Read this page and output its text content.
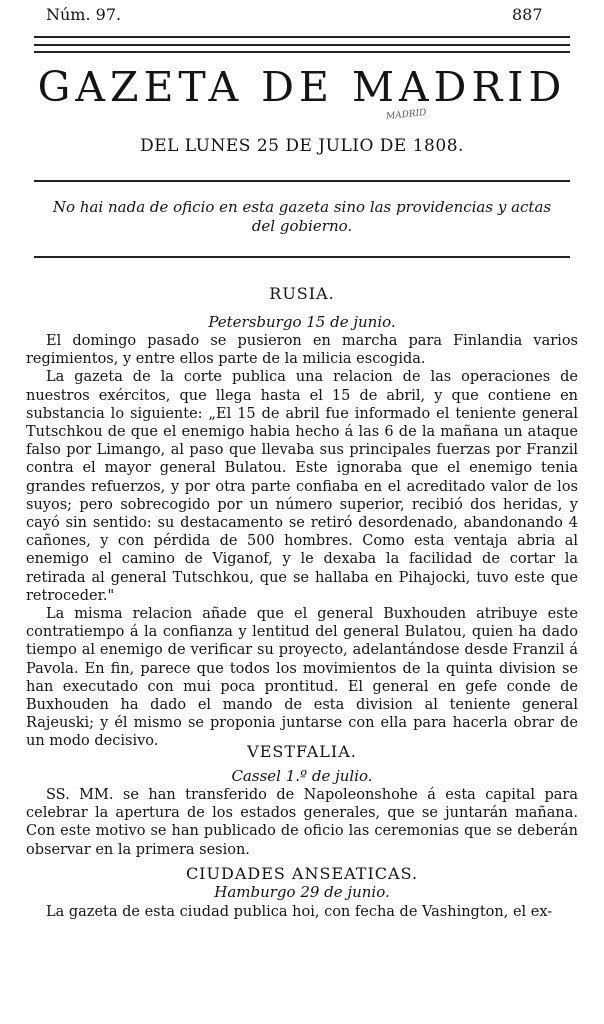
Núm. 97.	887
GAZETA DE MADRID
MADRID
DEL LUNES 25 DE JULIO DE 1808.
No hai nada de oficio en esta gazeta sino las providencias y actas del gobierno.
RUSIA.
Petersburgo 15 de junio.

El domingo pasado se pusieron en marcha para Finlandia varios regimientos, y entre ellos parte de la milicia escogida.

La gazeta de la corte publica una relacion de las operaciones de nuestros exércitos, que llega hasta el 15 de abril, y que contiene en substancia lo siguiente: „El 15 de abril fue informado el teniente general Tutschkou de que el enemigo habia hecho á las 6 de la mañana un ataque falso por Limango, al paso que llevaba sus principales fuerzas por Franzil contra el mayor general Bulatou. Este ignoraba que el enemigo tenia grandes refuerzos, y por otra parte confiaba en el acreditado valor de los suyos; pero sobrecogido por un número superior, recibió dos heridas, y cayó sin sentido: su destacamento se retiró desordenado, abandonando 4 cañones, y con pérdida de 500 hombres. Como esta ventaja abria al enemigo el camino de Viganof, y le dexaba la facilidad de cortar la retirada al general Tutschkou, que se hallaba en Pihajocki, tuvo este que retroceder."

La misma relacion añade que el general Buxhouden atribuye este contratiempo á la confianza y lentitud del general Bulatou, quien ha dado tiempo al enemigo de verificar su proyecto, adelantándose desde Franzil á Pavola. En fin, parece que todos los movimientos de la quinta division se han executado con mui poca prontitud. El general en gefe conde de Buxhouden ha dado el mando de esta division al teniente general Rajeuski; y él mismo se proponia juntarse con ella para hacerla obrar de un modo decisivo.

VESTFALIA.
Cassel 1.º de julio.

SS. MM. se han transferido de Napoleonshohe á esta capital para celebrar la apertura de los estados generales, que se juntarán mañana. Con este motivo se han publicado de oficio las ceremonias que se deberán observar en la primera sesion.

CIUDADES ANSEATICAS.
Hamburgo 29 de junio.
La gazeta de esta ciudad publica hoi, con fecha de Vashington, el ex-
